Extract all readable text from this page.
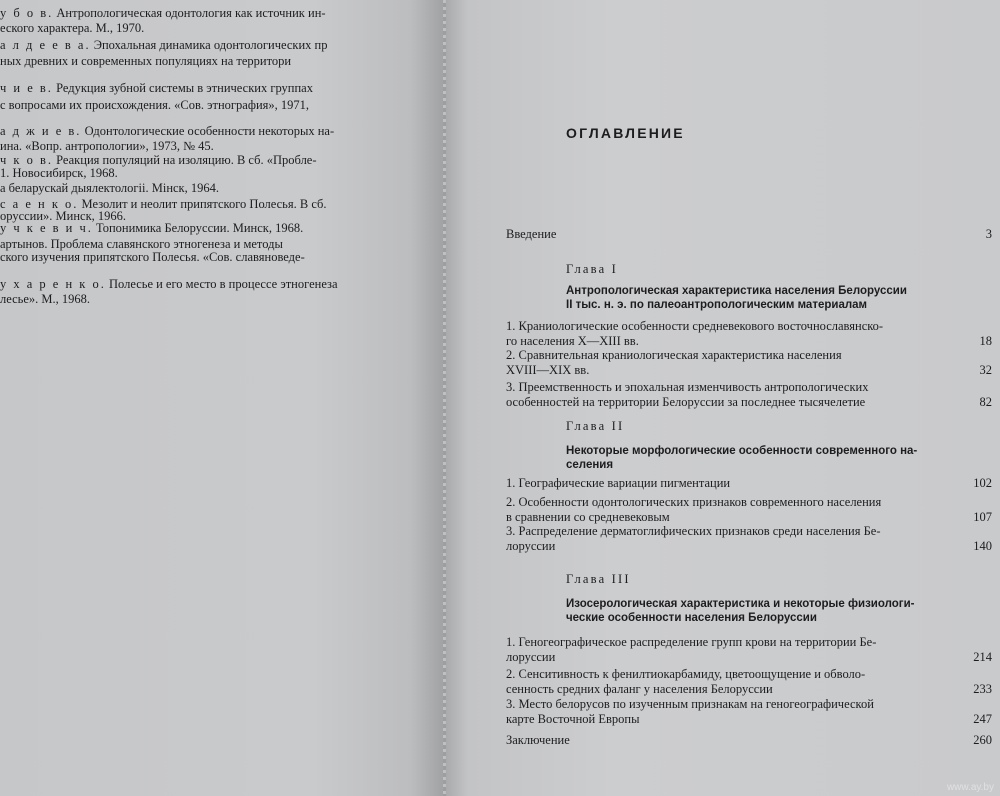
у б о в. Антропологическая одонтология как источник ин-
еского характера. М., 1970.
а л д е е в а. Эпохальная динамика одонтологических пр
ных древних и современных популяциях на территори
ч и е в. Редукция зубной системы в этнических группах
с вопросами их происхождения. «Сов. этнография», 1971,
а д ж и е в. Одонтологические особенности некоторых на-
ина. «Вопр. антропологии», 1973, № 45.
ч к о в. Реакция популяций на изоляцию. В сб. «Пробле-
1. Новосибирск, 1968.
а беларускай дыялектологіі. Мінск, 1964.
с а е н к о. Мезолит и неолит припятского Полесья. В сб.
оруссии». Минск, 1966.
у ч к е в и ч. Топонимика Белоруссии. Минск, 1968.
артынов. Проблема славянского этногенеза и методы
ского изучения припятского Полесья. «Сов. славяноведе-
у х а р е н к о. Полесье и его место в процессе этногенеза
лесье». М., 1968.
ОГЛАВЛЕНИЕ
Введение	3
Глава I
Антропологическая характеристика населения Белоруссии
II тыс. н. э. по палеоантропологическим материалам
1. Краниологические особенности средневекового восточнославянско-
го населения X—XIII вв.	18
2. Сравнительная краниологическая характеристика населения
XVIII—XIX вв.	32
3. Преемственность и эпохальная изменчивость антропологических
особенностей на территории Белоруссии за последнее тысячелетие	82
Глава II
Некоторые морфологические особенности современного на-
селения
1. Географические вариации пигментации	102
2. Особенности одонтологических признаков современного населения
в сравнении со средневековым	107
3. Распределение дерматоглифических признаков среди населения Бе-
лоруссии	140
Глава III
Изосерологическая характеристика и некоторые физиологи-
ческие особенности населения Белоруссии
1. Геногеографическое распределение групп крови на территории Бе-
лоруссии	214
2. Сенситивность к фенилтиокарбамиду, цветоощущение и обволо-
сенность средних фаланг у населения Белоруссии	233
3. Место белорусов по изученным признакам на геногеографической
карте Восточной Европы	247
Заключение	260
www.ay.by
